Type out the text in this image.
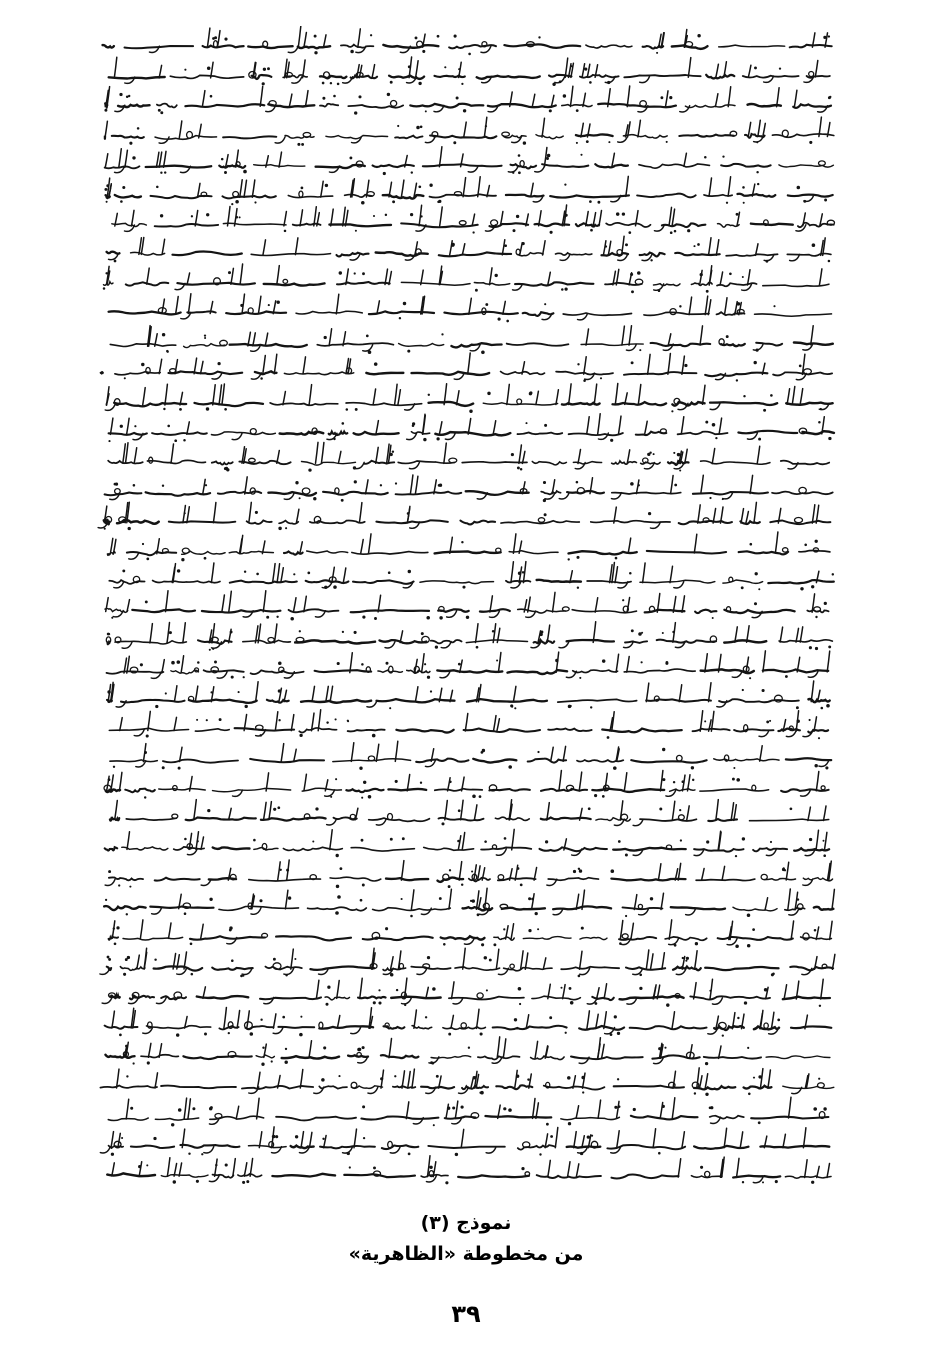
نموذج (٣)
من مخطوطة «الظاهرية»
٣٩
